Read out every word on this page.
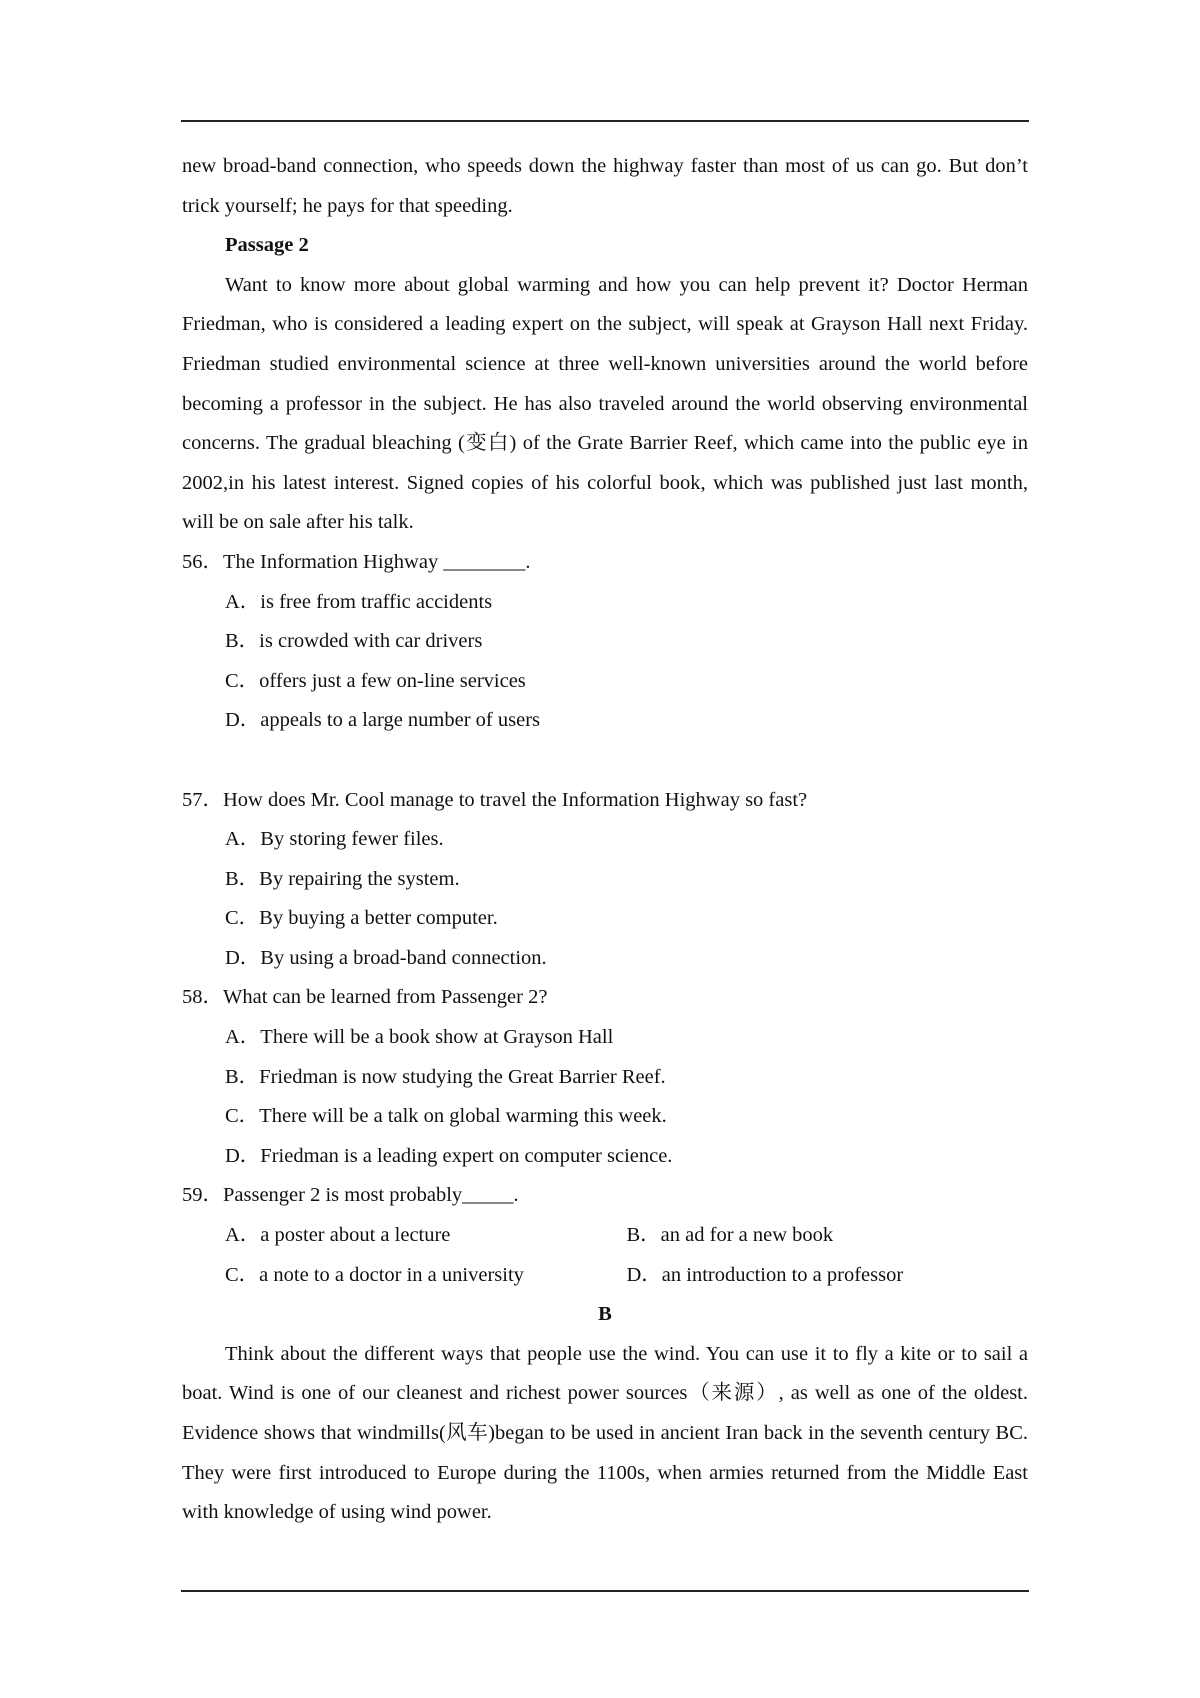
new broad-band connection, who speeds down the highway faster than most of us can go. But don’t trick yourself; he pays for that speeding.

Passage 2

Want to know more about global warming and how you can help prevent it? Doctor Herman Friedman, who is considered a leading expert on the subject, will speak at Grayson Hall next Friday. Friedman studied environmental science at three well-known universities around the world before becoming a professor in the subject. He has also traveled around the world observing environmental concerns. The gradual bleaching (变白) of the Grate Barrier Reef, which came into the public eye in 2002,in his latest interest. Signed copies of his colorful book, which was published just last month, will be on sale after his talk.

56．The Information Highway ________.

A．is free from traffic accidents

B．is crowded with car drivers

C．offers just a few on-line services

D．appeals to a large number of users

57．How does Mr. Cool manage to travel the Information Highway so fast?

A．By storing fewer files.

B．By repairing the system.

C．By buying a better computer.

D．By using a broad-band connection.

58．What can be learned from Passenger 2?

A．There will be a book show at Grayson Hall

B．Friedman is now studying the Great Barrier Reef.

C．There will be a talk on global warming this week.

D．Friedman is a leading expert on computer science.

59．Passenger 2 is most probably_____.

A．a poster about a lecture	B．an ad for a new book
C．a note to a doctor in a university	D．an introduction to a professor

B

Think about the different ways that people use the wind. You can use it to fly a kite or to sail a boat. Wind is one of our cleanest and richest power sources（来源）, as well as one of the oldest. Evidence shows that windmills(风车)began to be used in ancient Iran back in the seventh century BC. They were first introduced to Europe during the 1100s, when armies returned from the Middle East with knowledge of using wind power.
